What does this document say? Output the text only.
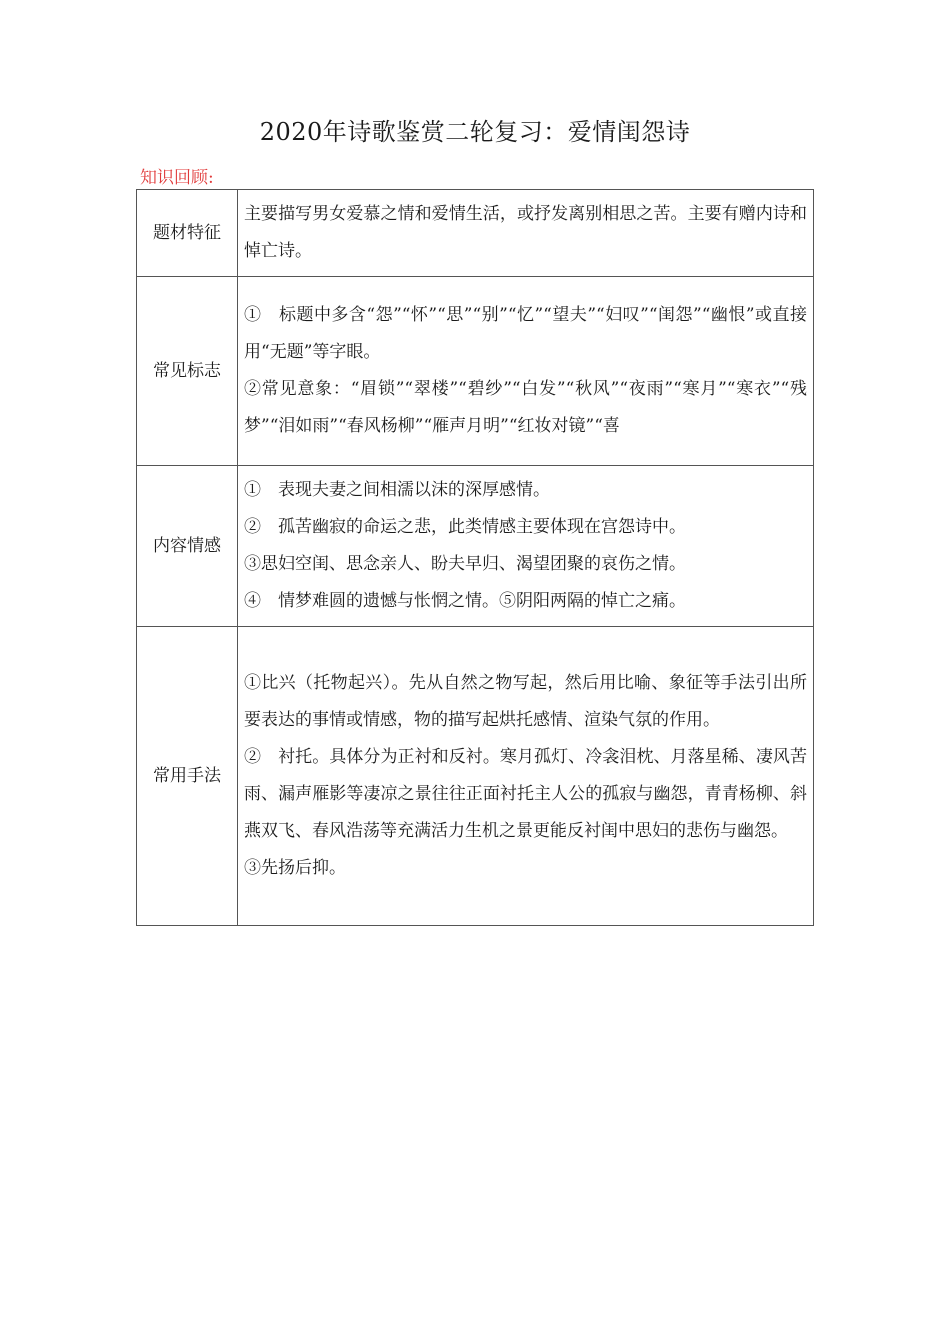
2020年诗歌鉴赏二轮复习：爱情闺怨诗
知识回顾:
题材特征	主要描写男女爱慕之情和爱情生活，或抒发离别相思之苦。主要有赠内诗和悼亡诗。

常见标志	①　标题中多含“怨”“怀”“思”“别”“忆”“望夫”“妇叹”“闺怨”“幽恨”或直接用“无题”等字眼。

②常见意象：“眉锁”“翠楼”“碧纱”“白发”“秋风”“夜雨”“寒月”“寒衣”“残梦”“泪如雨”“春风杨柳”“雁声月明”“红妆对镜”“喜

内容情感	①　表现夫妻之间相濡以沫的深厚感情。

②　孤苦幽寂的命运之悲，此类情感主要体现在宫怨诗中。

③思妇空闺、思念亲人、盼夫早归、渴望团聚的哀伤之情。

④　情梦难圆的遗憾与怅惘之情。⑤阴阳两隔的悼亡之痛。

常用手法	①比兴（托物起兴）。先从自然之物写起，然后用比喻、象征等手法引出所要表达的事情或情感，物的描写起烘托感情、渲染气氛的作用。

②　衬托。具体分为正衬和反衬。寒月孤灯、冷衾泪枕、月落星稀、凄风苦雨、漏声雁影等凄凉之景往往正面衬托主人公的孤寂与幽怨，青青杨柳、斜燕双飞、春风浩荡等充满活力生机之景更能反衬闺中思妇的悲伤与幽怨。

③先扬后抑。
